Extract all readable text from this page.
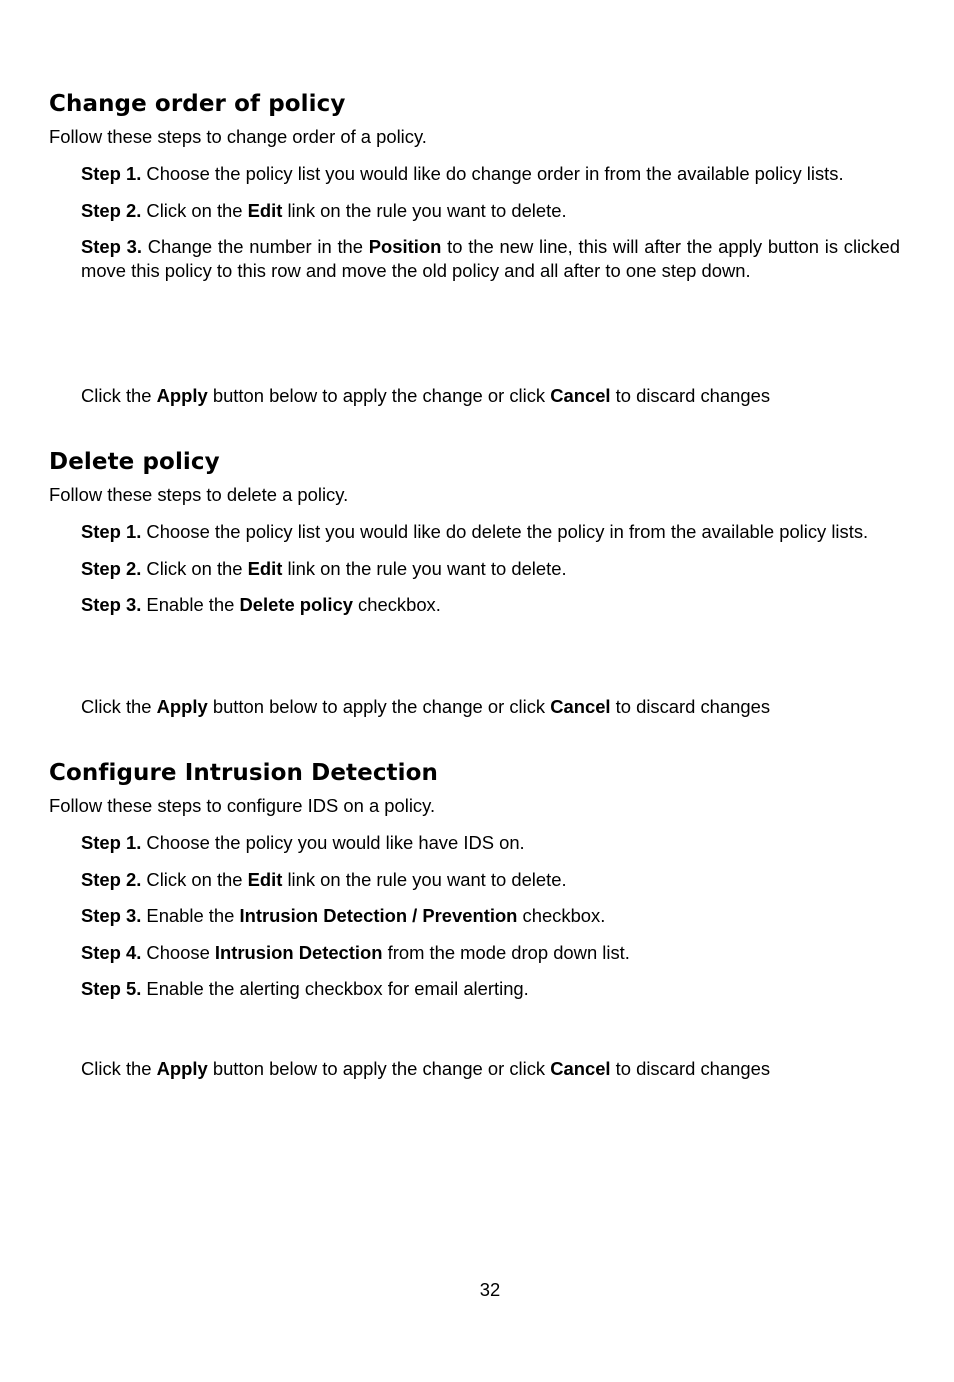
Change order of policy

Follow these steps to change order of a policy.

Step 1. Choose the policy list you would like do change order in from the available policy lists.

Step 2. Click on the Edit link on the rule you want to delete.

Step 3. Change the number in the Position to the new line, this will after the apply button is clicked move this policy to this row and move the old policy and all after to one step down.

Click the Apply button below to apply the change or click Cancel to discard changes

Delete policy

Follow these steps to delete a policy.

Step 1. Choose the policy list you would like do delete the policy in from the available policy lists.

Step 2. Click on the Edit link on the rule you want to delete.

Step 3. Enable the Delete policy checkbox.

Click the Apply button below to apply the change or click Cancel to discard changes

Configure Intrusion Detection

Follow these steps to configure IDS on a policy.

Step 1. Choose the policy you would like have IDS on.

Step 2. Click on the Edit link on the rule you want to delete.

Step 3. Enable the Intrusion Detection / Prevention checkbox.

Step 4. Choose Intrusion Detection from the mode drop down list.

Step 5. Enable the alerting checkbox for email alerting.

Click the Apply button below to apply the change or click Cancel to discard changes

32
